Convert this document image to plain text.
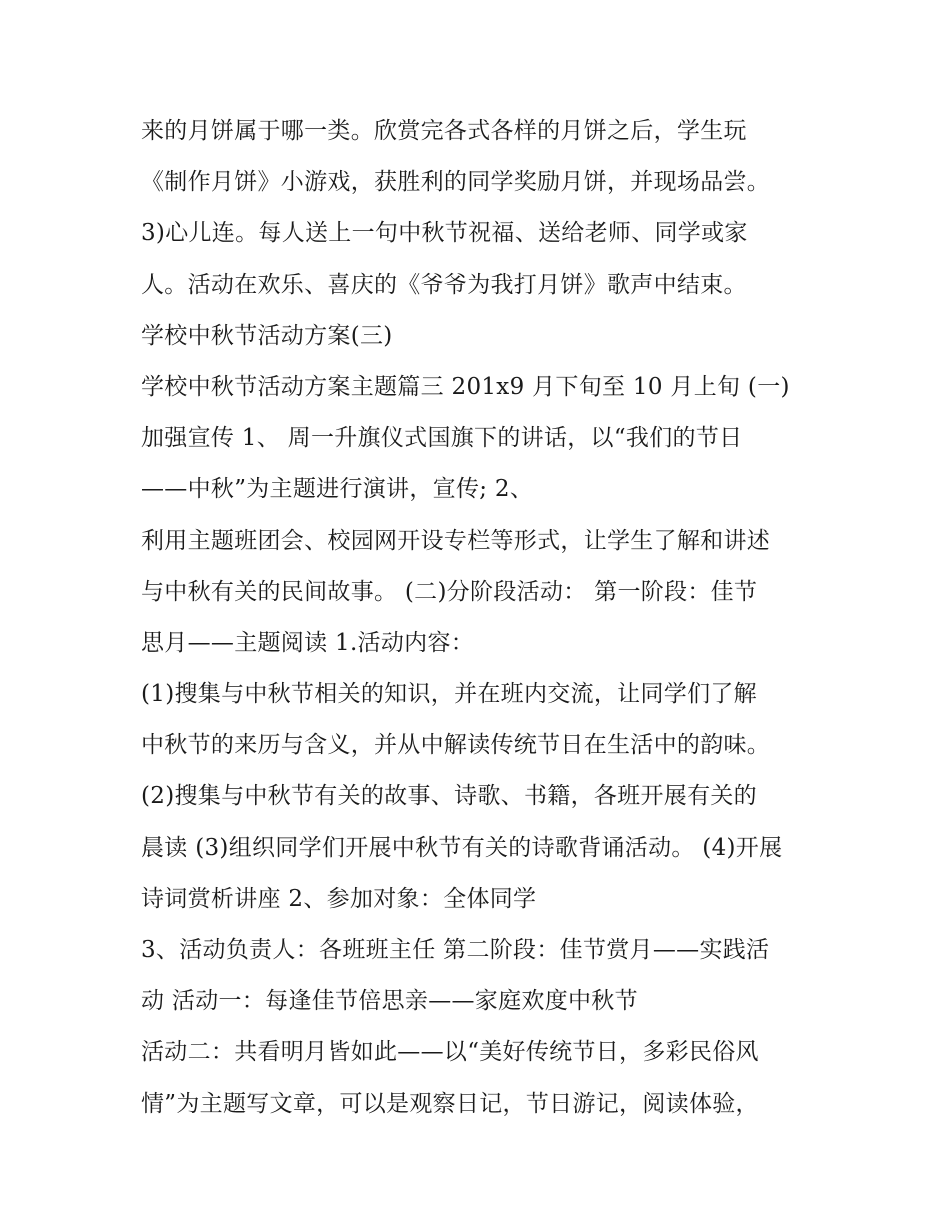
来的月饼属于哪一类。欣赏完各式各样的月饼之后，学生玩
《制作月饼》小游戏，获胜利的同学奖励月饼，并现场品尝。
3)心儿连。每人送上一句中秋节祝福、送给老师、同学或家
人。活动在欢乐、喜庆的《爷爷为我打月饼》歌声中结束。
学校中秋节活动方案(三)
学校中秋节活动方案主题篇三 201x9 月下旬至 10 月上旬 (一)
加强宣传 1、 周一升旗仪式国旗下的讲话，以“我们的节日
——中秋”为主题进行演讲，宣传; 2、
利用主题班团会、校园网开设专栏等形式，让学生了解和讲述
与中秋有关的民间故事。 (二)分阶段活动： 第一阶段：佳节
思月——主题阅读 1.活动内容：
(1)搜集与中秋节相关的知识，并在班内交流，让同学们了解
中秋节的来历与含义，并从中解读传统节日在生活中的韵味。
(2)搜集与中秋节有关的故事、诗歌、书籍，各班开展有关的
晨读 (3)组织同学们开展中秋节有关的诗歌背诵活动。 (4)开展
诗词赏析讲座 2、参加对象：全体同学
3、活动负责人：各班班主任 第二阶段：佳节赏月——实践活
动 活动一：每逢佳节倍思亲——家庭欢度中秋节
活动二：共看明月皆如此——以“美好传统节日，多彩民俗风
情”为主题写文章，可以是观察日记，节日游记，阅读体验，
